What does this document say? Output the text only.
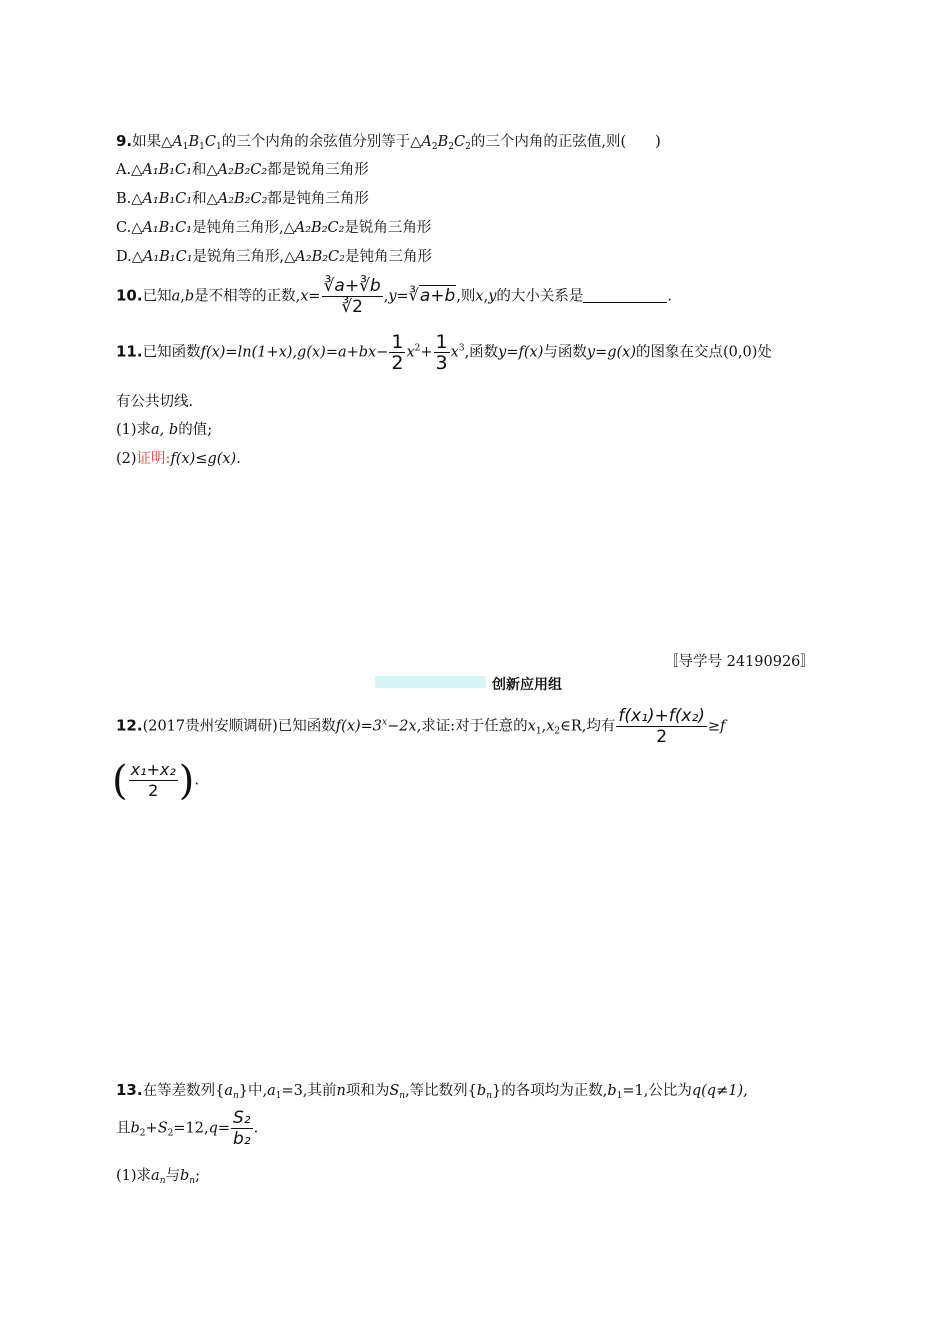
9.如果$\triangle A_1B_1C_1$的三个内角的余弦值分别等于$\triangle A_2B_2C_2$的三个内角的正弦值,则(　　)
A.△A₁B₁C₁和△A₂B₂C₂都是锐角三角形
B.△A₁B₁C₁和△A₂B₂C₂都是钝角三角形
C.△A₁B₁C₁是钝角三角形,△A₂B₂C₂是锐角三角形
D.△A₁B₁C₁是锐角三角形,△A₂B₂C₂是钝角三角形
10.已知a,b是不相等的正数$,x= \frac{∛a+∛b}{∛2}$ ,y=∛a+b,则x,y的大小关系是	.
11.已知函数$f(x)=\ln(1+x),g(x)=a+bx- \frac{1}{2} x^2+ \frac{1}{3} x^3$,函数y=f(x)与函数y=g(x)的图象在交点(0,0)处
有公共切线.
(1)求a, b的值;
(2)证明:f(x)≤g(x).
〚导学号 24190926〛
创新应用组
12.(2017贵州安顺调研)已知函数$f(x)=3^x-2x$,求证:对于任意的$x_1,x_2\in R$,均有 $\frac{\text{f(x₁)+f(x₂)}}{2} \ge f$
( $\frac{\text{x₁+x₂}}{2}$ ).
13.在等差数列$\{a_n\}$中$,a_1=3$,其前n项和为$S_n$,等比数列$\{b_n\}$的各项均为正数$,b_1=1$,公比为q(q≠1),
且$b_2+S_2=12,q= \frac{\text{S₂}}{\text{b₂}}$ .
(1)求$a_n$与$b_n$;
